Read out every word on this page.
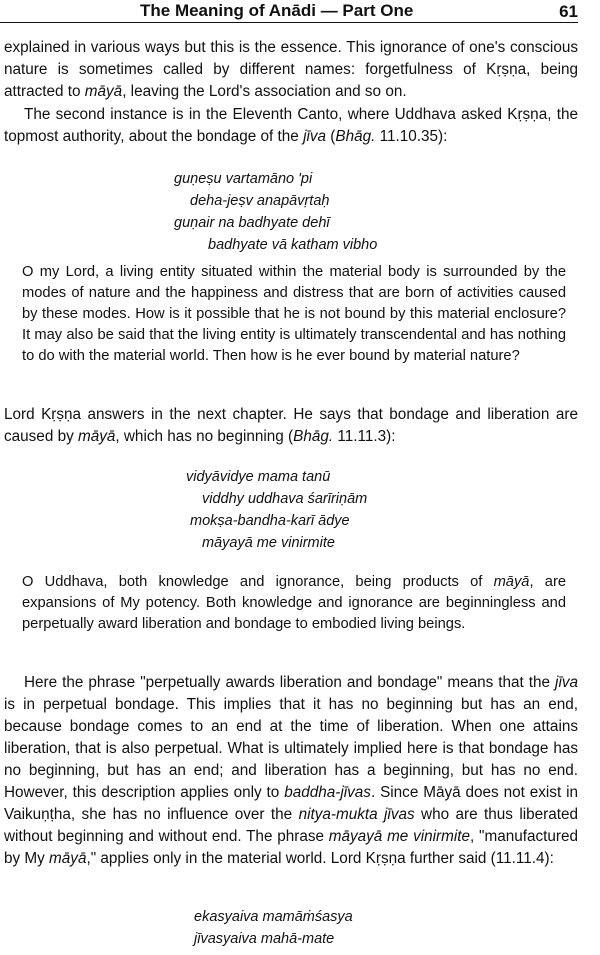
The Meaning of Anādi — Part One	61

explained in various ways but this is the essence. This ignorance of one's conscious nature is sometimes called by different names: forgetfulness of Kṛṣṇa, being attracted to māyā, leaving the Lord's association and so on.

The second instance is in the Eleventh Canto, where Uddhava asked Kṛṣṇa, the topmost authority, about the bondage of the jīva (Bhāg. 11.10.35):

guṇeṣu vartamāno 'pi
deha-jeṣv anapāvṛtaḥ
guṇair na badhyate dehī
badhyate vā katham vibho

O my Lord, a living entity situated within the material body is surrounded by the modes of nature and the happiness and distress that are born of activities caused by these modes. How is it possible that he is not bound by this material enclosure? It may also be said that the living entity is ultimately transcendental and has nothing to do with the material world. Then how is he ever bound by material nature?

Lord Kṛṣṇa answers in the next chapter. He says that bondage and liberation are caused by māyā, which has no beginning (Bhāg. 11.11.3):

vidyāvidye mama tanū
viddhy uddhava śarīriṇām
mokṣa-bandha-karī ādye
māyayā me vinirmite

O Uddhava, both knowledge and ignorance, being products of māyā, are expansions of My potency. Both knowledge and ignorance are beginningless and perpetually award liberation and bondage to embodied living beings.

Here the phrase "perpetually awards liberation and bondage" means that the jīva is in perpetual bondage. This implies that it has no beginning but has an end, because bondage comes to an end at the time of liberation. When one attains liberation, that is also perpetual. What is ultimately implied here is that bondage has no beginning, but has an end; and liberation has a beginning, but has no end. However, this description applies only to baddha-jīvas. Since Māyā does not exist in Vaikuṇṭha, she has no influence over the nitya-mukta jīvas who are thus liberated without beginning and without end. The phrase māyayā me vinirmite, "manufactured by My māyā," applies only in the material world. Lord Kṛṣṇa further said (11.11.4):

ekasyaiva mamāṁśasya
jīvasyaiva mahā-mate
